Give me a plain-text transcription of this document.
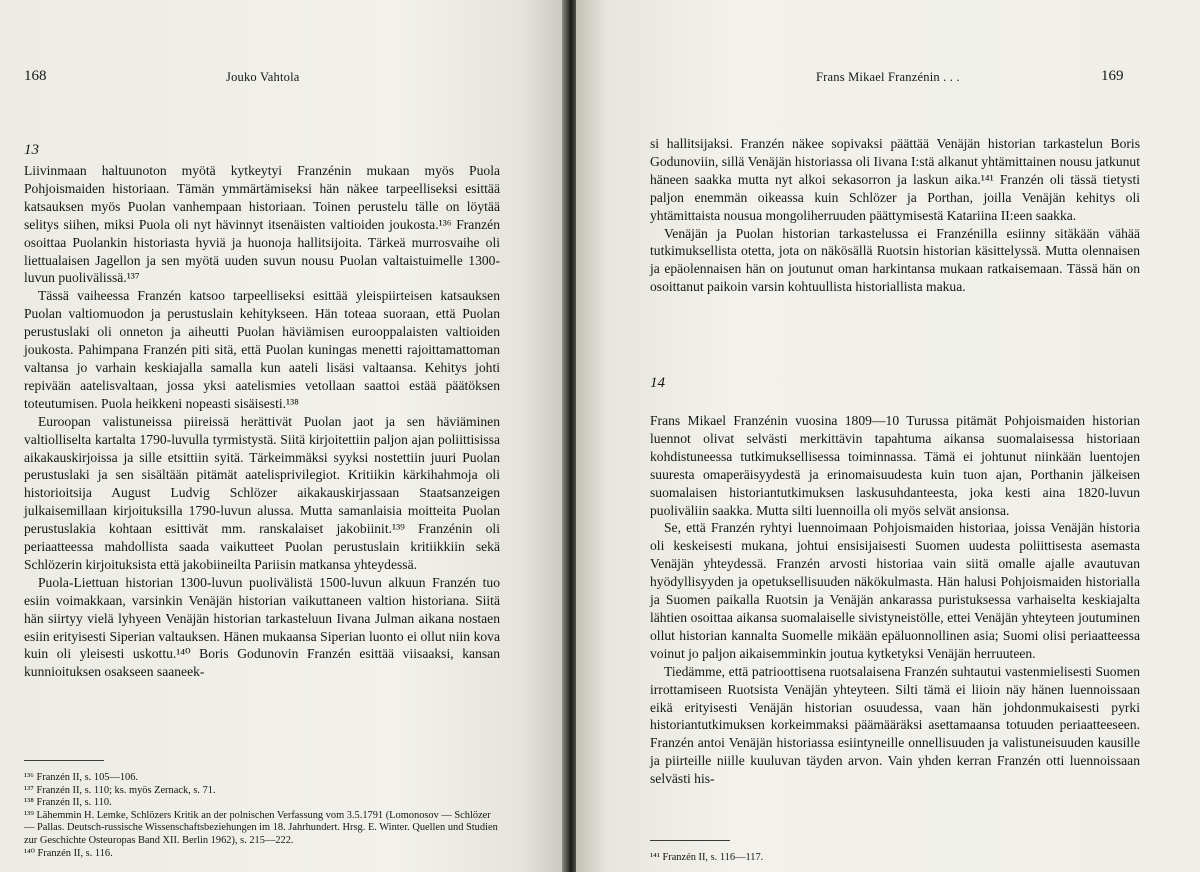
168	Jouko Vahtola
13

Liivinmaan haltuunoton myötä kytkeytyi Franzénin mukaan myös Puola Pohjoismaiden historiaan. Tämän ymmärtämiseksi hän näkee tarpeelliseksi esittää katsauksen myös Puolan vanhempaan historiaan. Toinen perustelu tälle on löytää selitys siihen, miksi Puola oli nyt hävinnyt itsenäisten valtioiden joukosta.¹³⁶ Franzén osoittaa Puolankin historiasta hyviä ja huonoja hallitsijoita. Tärkeä murrosvaihe oli liettualaisen Jagellon ja sen myötä uuden suvun nousu Puolan valtaistuimelle 1300-luvun puolivälissä.¹³⁷

Tässä vaiheessa Franzén katsoo tarpeelliseksi esittää yleispiirteisen katsauksen Puolan valtiomuodon ja perustuslain kehitykseen. Hän toteaa suoraan, että Puolan perustuslaki oli onneton ja aiheutti Puolan häviämisen eurooppalaisten valtioiden joukosta. Pahimpana Franzén piti sitä, että Puolan kuningas menetti rajoittamattoman valtansa jo varhain keskiajalla samalla kun aateli lisäsi valtaansa. Kehitys johti repivään aatelisvaltaan, jossa yksi aatelismies vetollaan saattoi estää päätöksen toteutumisen. Puola heikkeni nopeasti sisäisesti.¹³⁸

Euroopan valistuneissa piireissä herättivät Puolan jaot ja sen häviäminen valtiolliselta kartalta 1790-luvulla tyrmistystä. Siitä kirjoitettiin paljon ajan poliittisissa aikakauskirjoissa ja sille etsittiin syitä. Tärkeimmäksi syyksi nostettiin juuri Puolan perustuslaki ja sen sisältään pitämät aatelisprivilegiot. Kritiikin kärkihahmoja oli historioitsija August Ludvig Schlözer aikakauskirjassaan Staatsanzeigen julkaisemillaan kirjoituksilla 1790-luvun alussa. Mutta samanlaisia moitteita Puolan perustuslakia kohtaan esittivät mm. ranskalaiset jakobiinit.¹³⁹ Franzénin oli periaatteessa mahdollista saada vaikutteet Puolan perustuslain kritiikkiin sekä Schlözerin kirjoituksista että jakobiineilta Pariisin matkansa yhteydessä.

Puola-Liettuan historian 1300-luvun puolivälistä 1500-luvun alkuun Franzén tuo esiin voimakkaan, varsinkin Venäjän historian vaikuttaneen valtion historiana. Siitä hän siirtyy vielä lyhyeen Venäjän historian tarkasteluun Iivana Julman aikana nostaen esiin erityisesti Siperian valtauksen. Hänen mukaansa Siperian luonto ei ollut niin kova kuin oli yleisesti uskottu.¹⁴⁰ Boris Godunovin Franzén esittää viisaaksi, kansan kunnioituksen osakseen saaneek-

¹³⁶ Franzén II, s. 105—106.
¹³⁷ Franzén II, s. 110; ks. myös Zernack, s. 71.
¹³⁸ Franzén II, s. 110.
¹³⁹ Lähemmin H. Lemke, Schlözers Kritik an der polnischen Verfassung vom 3.5.1791 (Lomonosov — Schlözer — Pallas. Deutsch-russische Wissenschaftsbeziehungen im 18. Jahrhundert. Hrsg. E. Winter. Quellen und Studien zur Geschichte Osteuropas Band XII. Berlin 1962), s. 215—222.
¹⁴⁰ Franzén II, s. 116.
Frans Mikael Franzénin . . .	169

si hallitsijaksi. Franzén näkee sopivaksi päättää Venäjän historian tarkastelun Boris Godunoviin, sillä Venäjän historiassa oli Iivana I:stä alkanut yhtämittainen nousu jatkunut häneen saakka mutta nyt alkoi sekasorron ja laskun aika.¹⁴¹ Franzén oli tässä tietysti paljon enemmän oikeassa kuin Schlözer ja Porthan, joilla Venäjän kehitys oli yhtämittaista nousua mongoliherruuden päättymisestä Katariina II:een saakka.

Venäjän ja Puolan historian tarkastelussa ei Franzénilla esiinny sitäkään vähää tutkimuksellista otetta, jota on näkösällä Ruotsin historian käsittelyssä. Mutta olennaisen ja epäolennaisen hän on joutunut oman harkintansa mukaan ratkaisemaan. Tässä hän on osoittanut paikoin varsin kohtuullista historiallista makua.

14

Frans Mikael Franzénin vuosina 1809—10 Turussa pitämät Pohjoismaiden historian luennot olivat selvästi merkittävin tapahtuma aikansa suomalaisessa historiaan kohdistuneessa tutkimuksellisessa toiminnassa. Tämä ei johtunut niinkään luentojen suuresta omaperäisyydestä ja erinomaisuudesta kuin tuon ajan, Porthanin jälkeisen suomalaisen historiantutkimuksen laskusuhdanteesta, joka kesti aina 1820-luvun puoliväliin saakka. Mutta silti luennoilla oli myös selvät ansionsa.

Se, että Franzén ryhtyi luennoimaan Pohjoismaiden historiaa, joissa Venäjän historia oli keskeisesti mukana, johtui ensisijaisesti Suomen uudesta poliittisesta asemasta Venäjän yhteydessä. Franzén arvosti historiaa vain siitä omalle ajalle avautuvan hyödyllisyyden ja opetuksellisuuden näkökulmasta. Hän halusi Pohjoismaiden historialla ja Suomen paikalla Ruotsin ja Venäjän ankarassa puristuksessa varhaiselta keskiajalta lähtien osoittaa aikansa suomalaiselle sivistyneistölle, ettei Venäjän yhteyteen joutuminen ollut historian kannalta Suomelle mikään epäluonnollinen asia; Suomi olisi periaatteessa voinut jo paljon aikaisemminkin joutua kytketyksi Venäjän herruuteen.

Tiedämme, että patrioottisena ruotsalaisena Franzén suhtautui vastenmielisesti Suomen irrottamiseen Ruotsista Venäjän yhteyteen. Silti tämä ei liioin näy hänen luennoissaan eikä erityisesti Venäjän historian osuudessa, vaan hän johdonmukaisesti pyrki historiantutkimuksen korkeimmaksi päämääräksi asettamaansa totuuden periaatteeseen. Franzén antoi Venäjän historiassa esiintyneille onnellisuuden ja valistuneisuuden kausille ja piirteille niille kuuluvan täyden arvon. Vain yhden kerran Franzén otti luennoissaan selvästi his-

¹⁴¹ Franzén II, s. 116—117.
